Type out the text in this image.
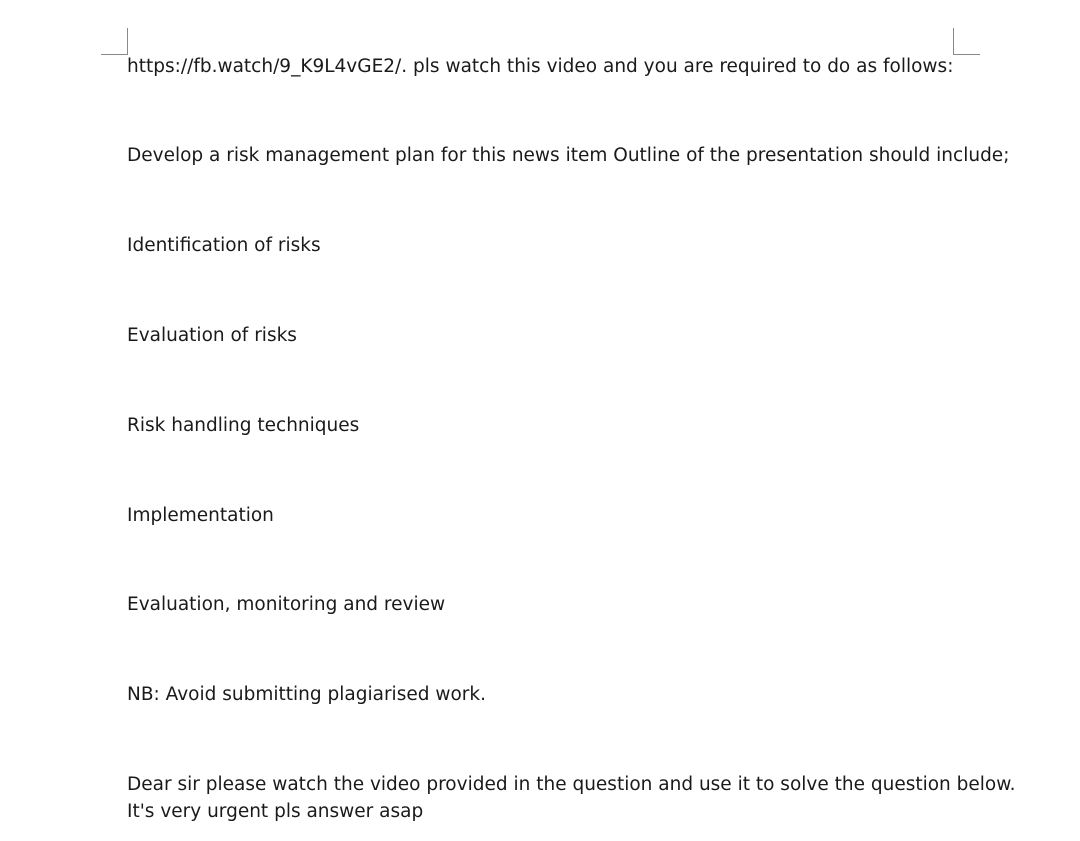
https://fb.watch/9_K9L4vGE2/. pls watch this video and you are required to do as follows:
Develop a risk management plan for this news item Outline of the presentation should include;
Identification of risks
Evaluation of risks
Risk handling techniques
Implementation
Evaluation, monitoring and review
NB: Avoid submitting plagiarised work.
Dear sir please watch the video provided in the question and use it to solve the question below.
It's very urgent pls answer asap
